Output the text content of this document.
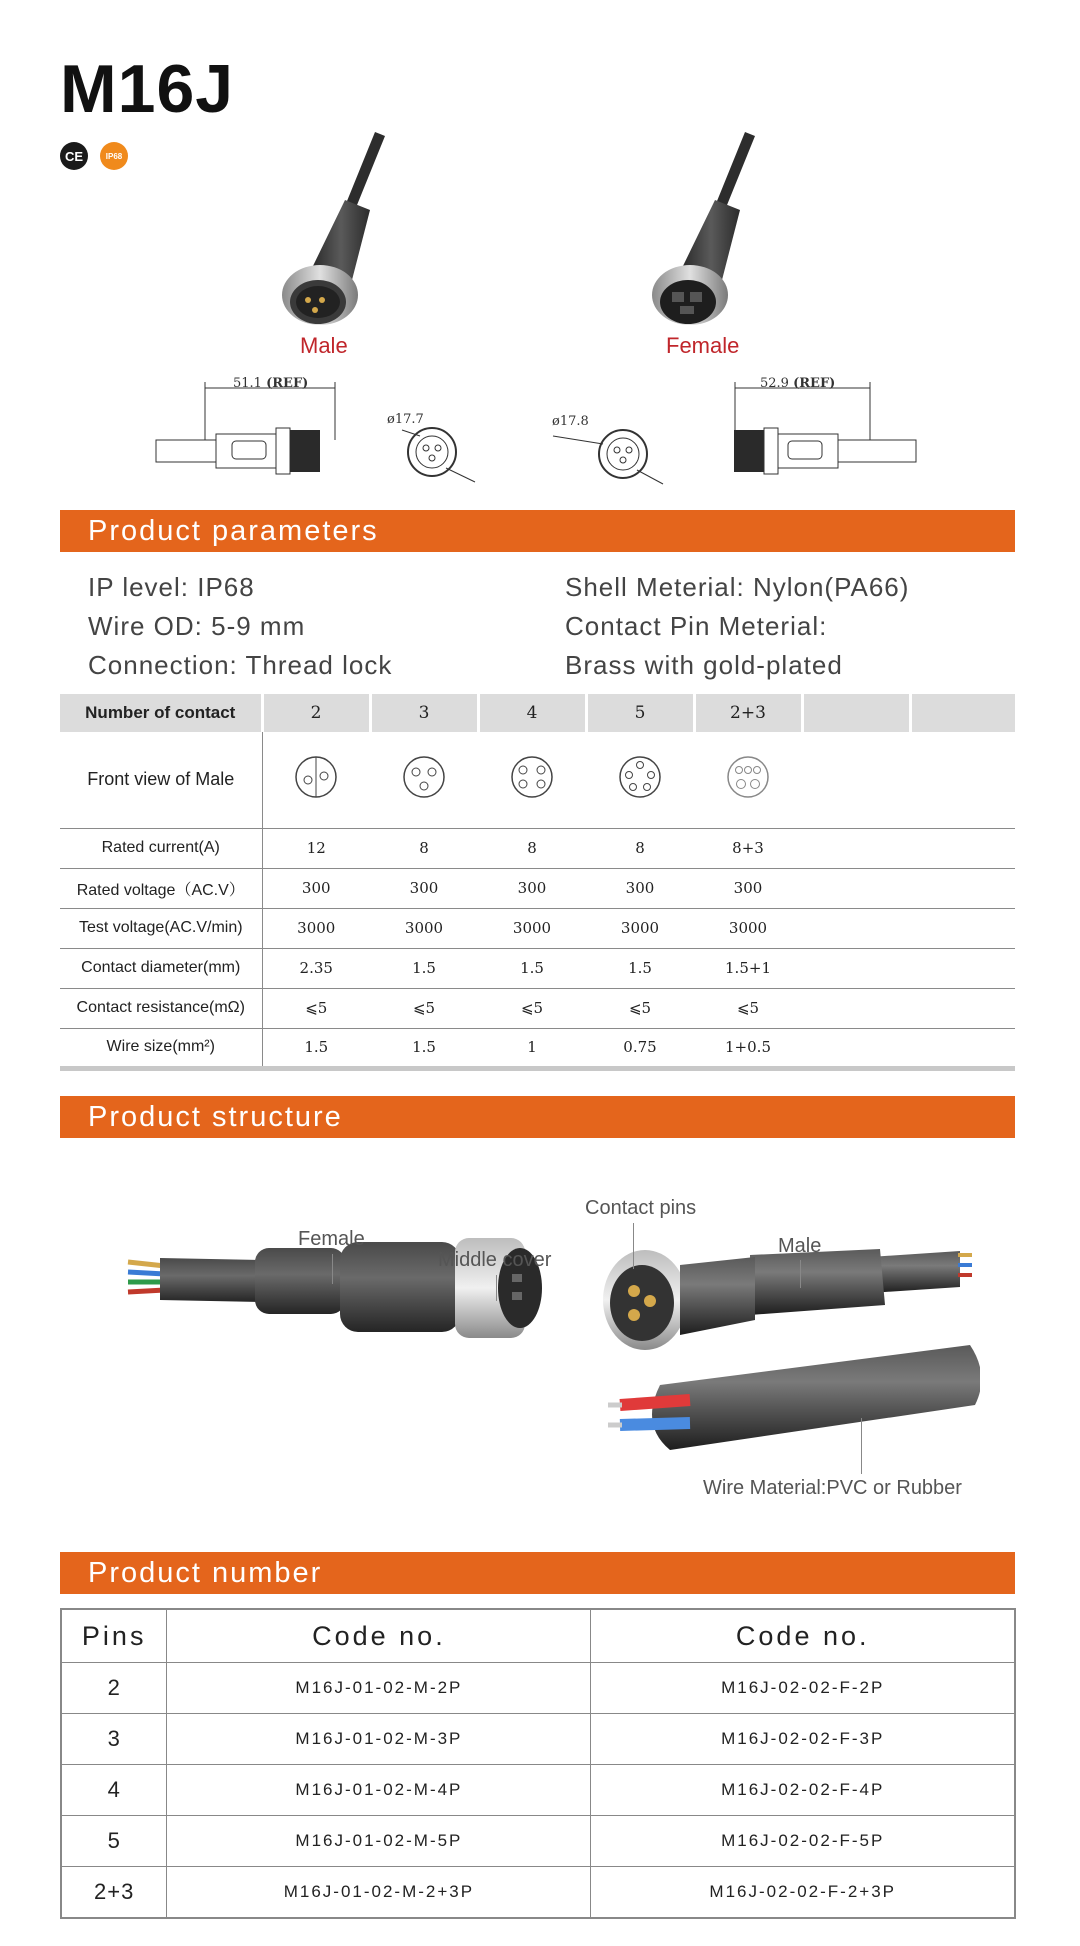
M16J
CE	IP68
Male	Female
51.1 (REF)
ø17.7	ø17.8
52.9 (REF)
Product parameters
IP level: IP68
Wire OD: 5-9 mm
Connection: Thread lock
Shell Meterial: Nylon(PA66)
Contact Pin Meterial:
Brass with gold-plated
Number of contact	2	3	4	5	2+3		
Front view of Male							
Rated current(A)	12	8	8	8	8+3		
Rated voltage（AC.V）	300	300	300	300	300		
Test voltage(AC.V/min)	3000	3000	3000	3000	3000		
Contact diameter(mm)	2.35	1.5	1.5	1.5	1.5+1		
Contact resistance(mΩ)	⩽5	⩽5	⩽5	⩽5	⩽5		
Wire size(mm²)	1.5	1.5	1	0.75	1+0.5		
Product structure
Female
Middle cover
Contact pins
Male
Wire Material:PVC or Rubber
Product number
Pins	Code no.	Code no.
2	M16J-01-02-M-2P	M16J-02-02-F-2P
3	M16J-01-02-M-3P	M16J-02-02-F-3P
4	M16J-01-02-M-4P	M16J-02-02-F-4P
5	M16J-01-02-M-5P	M16J-02-02-F-5P
2+3	M16J-01-02-M-2+3P	M16J-02-02-F-2+3P
